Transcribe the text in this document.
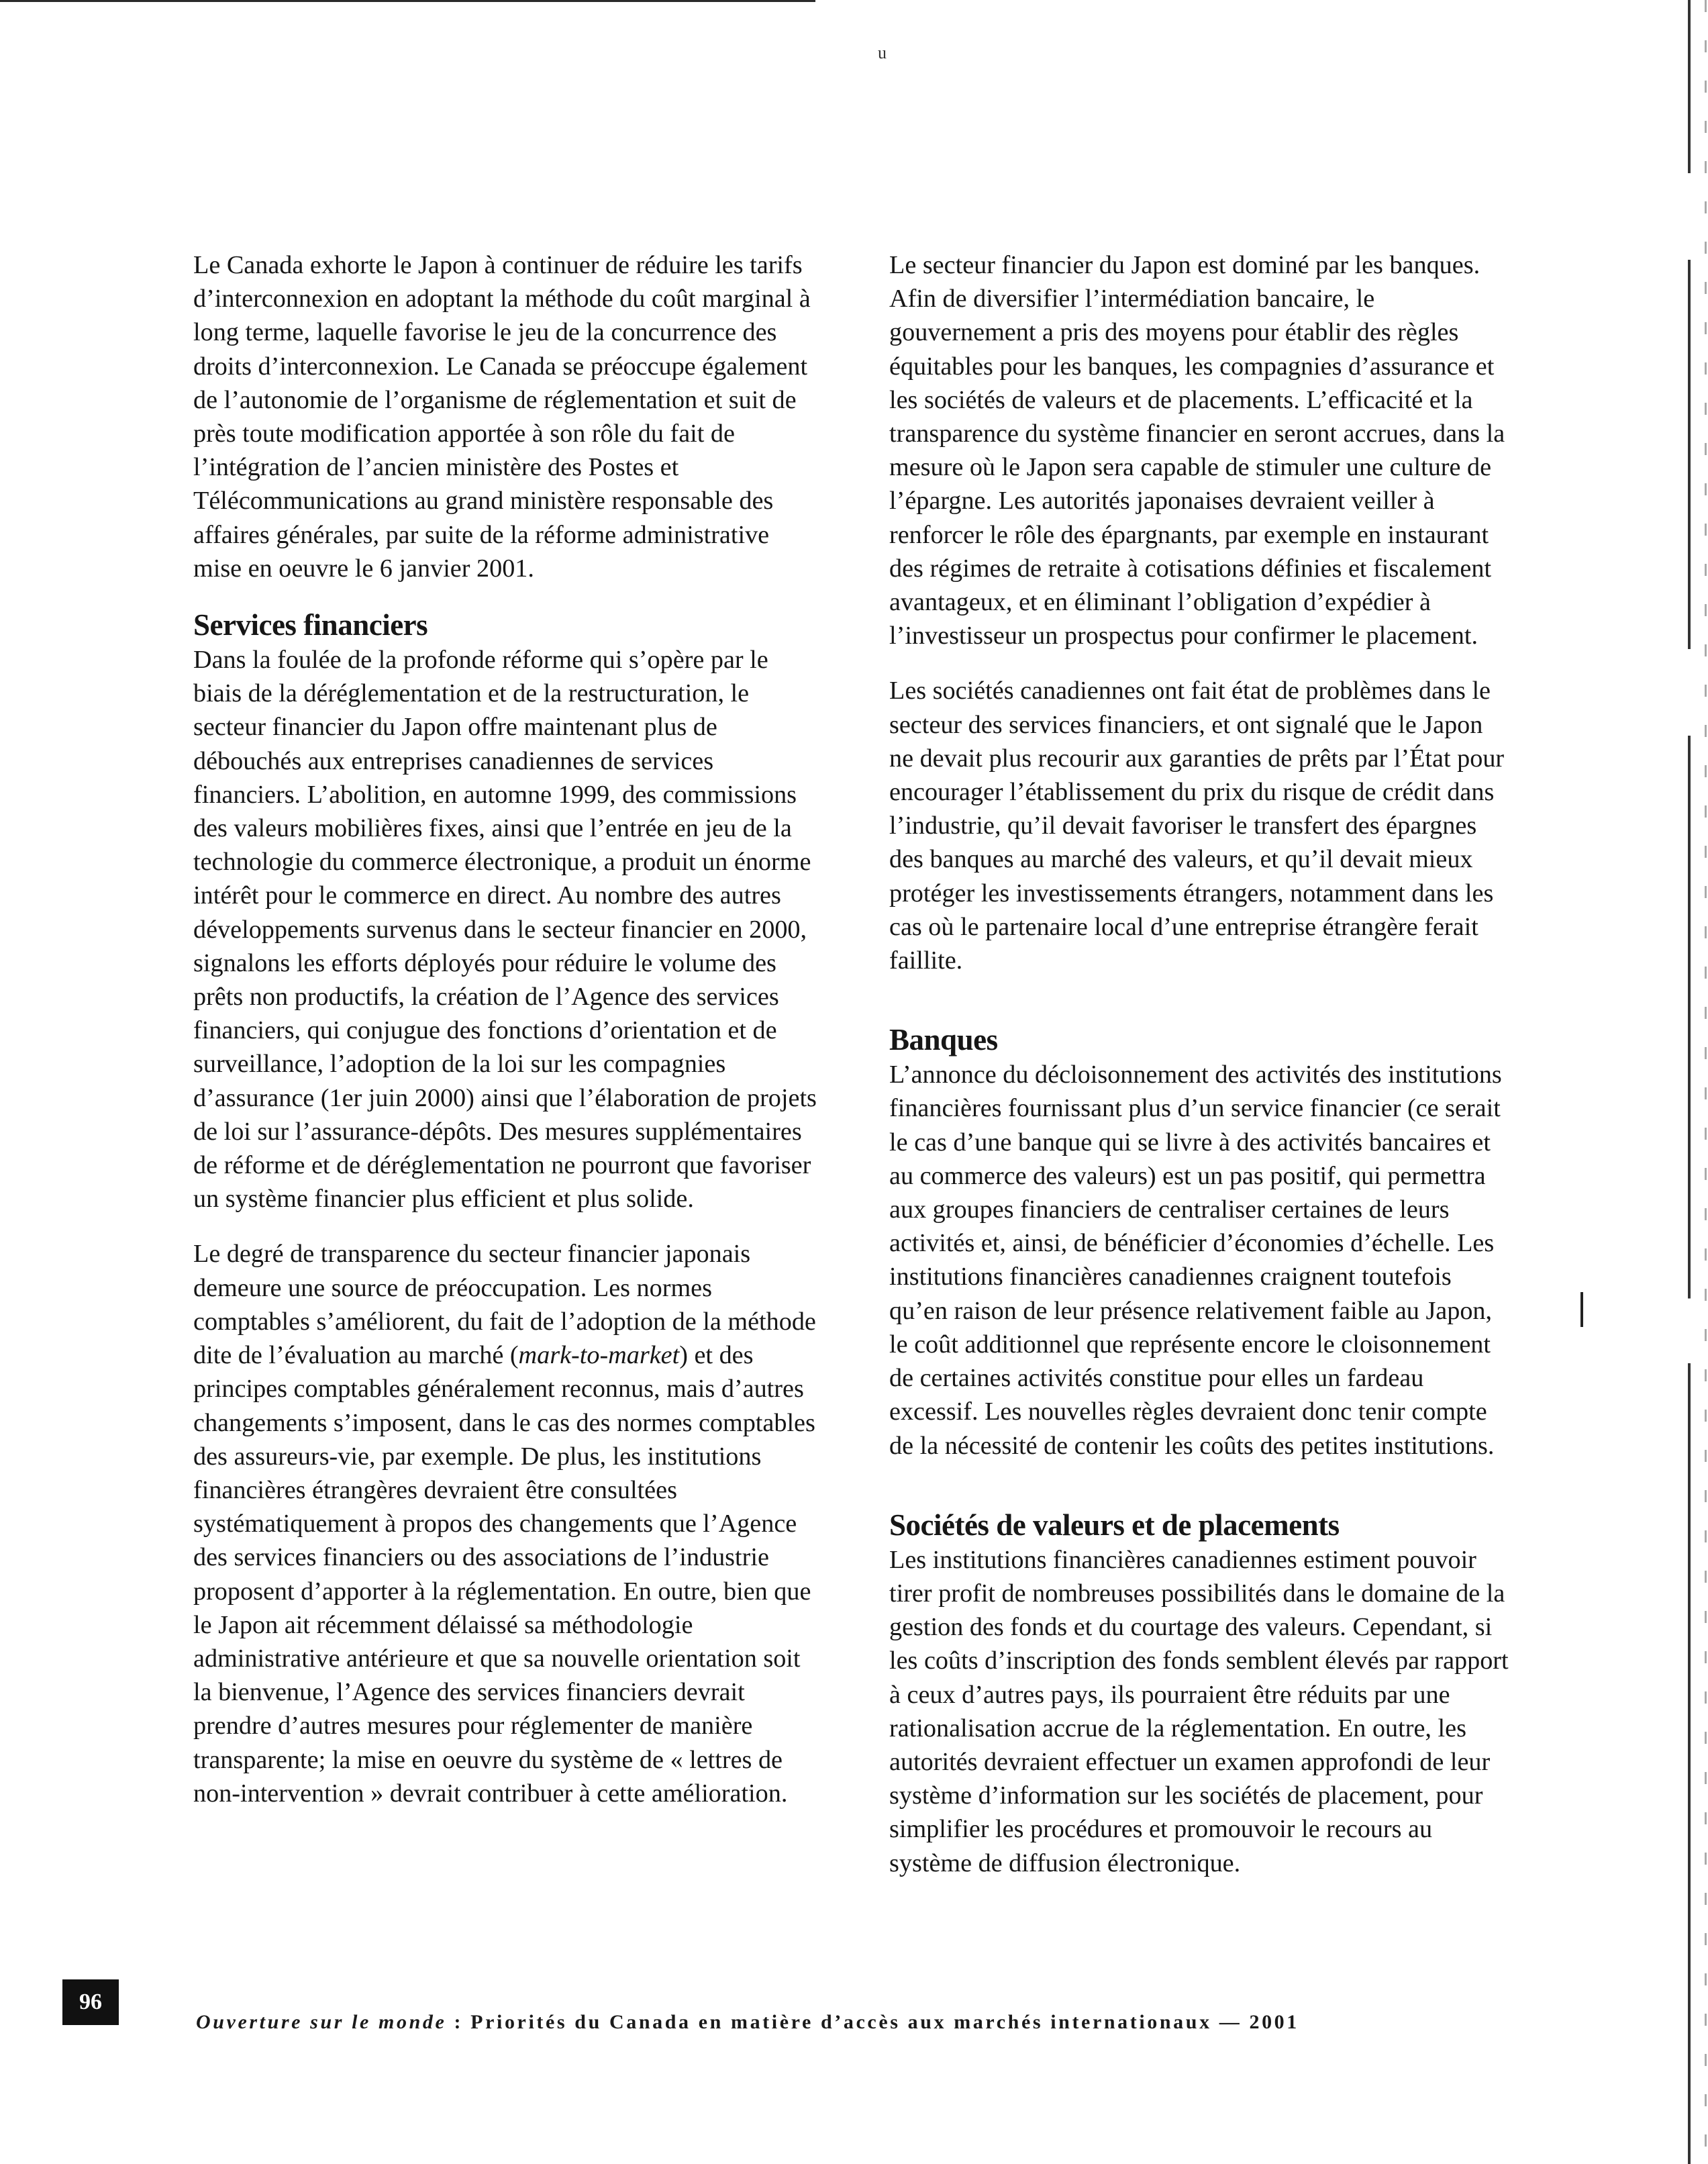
u

Le Canada exhorte le Japon à continuer de réduire les tarifs d’interconnexion en adoptant la méthode du coût marginal à long terme, laquelle favorise le jeu de la concurrence des droits d’interconnexion. Le Canada se préoccupe également de l’autonomie de l’organisme de réglementation et suit de près toute modification apportée à son rôle du fait de l’intégration de l’ancien ministère des Postes et Télécommunications au grand ministère responsable des affaires générales, par suite de la réforme administrative mise en oeuvre le 6 janvier 2001.

Services financiers

Dans la foulée de la profonde réforme qui s’opère par le biais de la déréglementation et de la restructuration, le secteur financier du Japon offre maintenant plus de débouchés aux entreprises canadiennes de services financiers. L’abolition, en automne 1999, des commissions des valeurs mobilières fixes, ainsi que l’entrée en jeu de la technologie du commerce électronique, a produit un énorme intérêt pour le commerce en direct. Au nombre des autres développements survenus dans le secteur financier en 2000, signalons les efforts déployés pour réduire le volume des prêts non productifs, la création de l’Agence des services financiers, qui conjugue des fonctions d’orientation et de surveillance, l’adoption de la loi sur les compagnies d’assurance (1er juin 2000) ainsi que l’élaboration de projets de loi sur l’assurance-dépôts. Des mesures supplémentaires de réforme et de déréglementation ne pourront que favoriser un système financier plus efficient et plus solide.

Le degré de transparence du secteur financier japonais demeure une source de préoccupation. Les normes comptables s’améliorent, du fait de l’adoption de la méthode dite de l’évaluation au marché (mark-to-market) et des principes comptables généralement reconnus, mais d’autres changements s’imposent, dans le cas des normes comptables des assureurs-vie, par exemple. De plus, les institutions financières étrangères devraient être consultées systématiquement à propos des changements que l’Agence des services financiers ou des associations de l’industrie proposent d’apporter à la réglementation. En outre, bien que le Japon ait récemment délaissé sa méthodologie administrative antérieure et que sa nouvelle orientation soit la bienvenue, l’Agence des services financiers devrait prendre d’autres mesures pour réglementer de manière transparente; la mise en oeuvre du système de « lettres de non-intervention » devrait contribuer à cette amélioration.

Le secteur financier du Japon est dominé par les banques. Afin de diversifier l’intermédiation bancaire, le gouvernement a pris des moyens pour établir des règles équitables pour les banques, les compagnies d’assurance et les sociétés de valeurs et de placements. L’efficacité et la transparence du système financier en seront accrues, dans la mesure où le Japon sera capable de stimuler une culture de l’épargne. Les autorités japonaises devraient veiller à renforcer le rôle des épargnants, par exemple en instaurant des régimes de retraite à cotisations définies et fiscalement avantageux, et en éliminant l’obligation d’expédier à l’investisseur un prospectus pour confirmer le placement.

Les sociétés canadiennes ont fait état de problèmes dans le secteur des services financiers, et ont signalé que le Japon ne devait plus recourir aux garanties de prêts par l’État pour encourager l’établissement du prix du risque de crédit dans l’industrie, qu’il devait favoriser le transfert des épargnes des banques au marché des valeurs, et qu’il devait mieux protéger les investissements étrangers, notamment dans les cas où le partenaire local d’une entreprise étrangère ferait faillite.

Banques

L’annonce du décloisonnement des activités des institutions financières fournissant plus d’un service financier (ce serait le cas d’une banque qui se livre à des activités bancaires et au commerce des valeurs) est un pas positif, qui permettra aux groupes financiers de centraliser certaines de leurs activités et, ainsi, de bénéficier d’économies d’échelle. Les institutions financières canadiennes craignent toutefois qu’en raison de leur présence relativement faible au Japon, le coût additionnel que représente encore le cloisonnement de certaines activités constitue pour elles un fardeau excessif. Les nouvelles règles devraient donc tenir compte de la nécessité de contenir les coûts des petites institutions.

Sociétés de valeurs et de placements

Les institutions financières canadiennes estiment pouvoir tirer profit de nombreuses possibilités dans le domaine de la gestion des fonds et du courtage des valeurs. Cependant, si les coûts d’inscription des fonds semblent élevés par rapport à ceux d’autres pays, ils pourraient être réduits par une rationalisation accrue de la réglementation. En outre, les autorités devraient effectuer un examen approfondi de leur système d’information sur les sociétés de placement, pour simplifier les procédures et promouvoir le recours au système de diffusion électronique.

96
Ouverture sur le monde : Priorités du Canada en matière d’accès aux marchés internationaux — 2001
